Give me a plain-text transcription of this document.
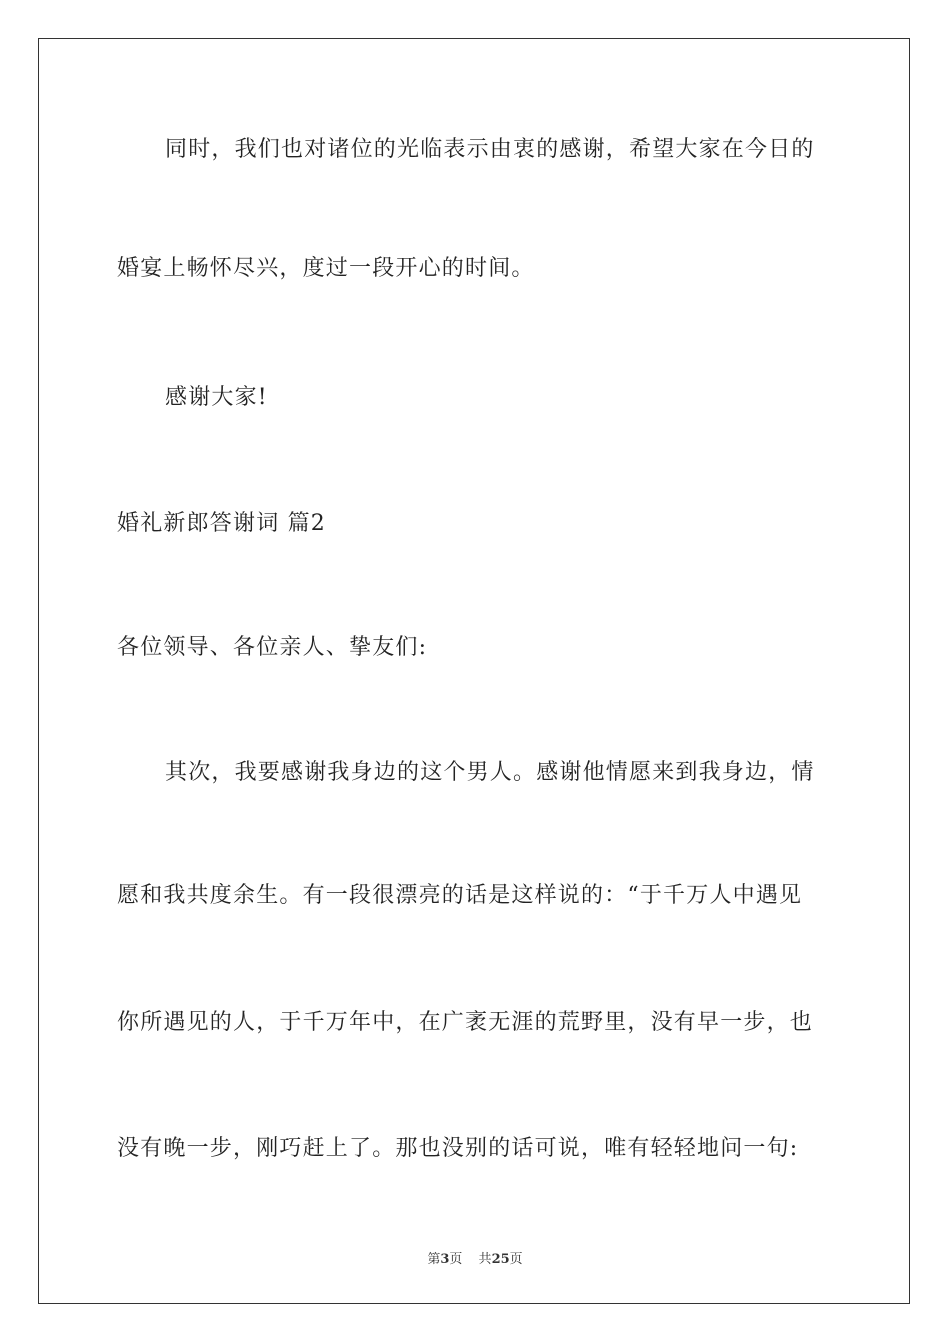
同时，我们也对诸位的光临表示由衷的感谢，希望大家在今日的
婚宴上畅怀尽兴，度过一段开心的时间。
感谢大家!
婚礼新郎答谢词 篇2
各位领导、各位亲人、挚友们:
其次，我要感谢我身边的这个男人。感谢他情愿来到我身边，情
愿和我共度余生。有一段很漂亮的话是这样说的：“于千万人中遇见
你所遇见的人，于千万年中，在广袤无涯的荒野里，没有早一步，也
没有晚一步，刚巧赶上了。那也没别的话可说，唯有轻轻地问一句:
第3页 共25页
